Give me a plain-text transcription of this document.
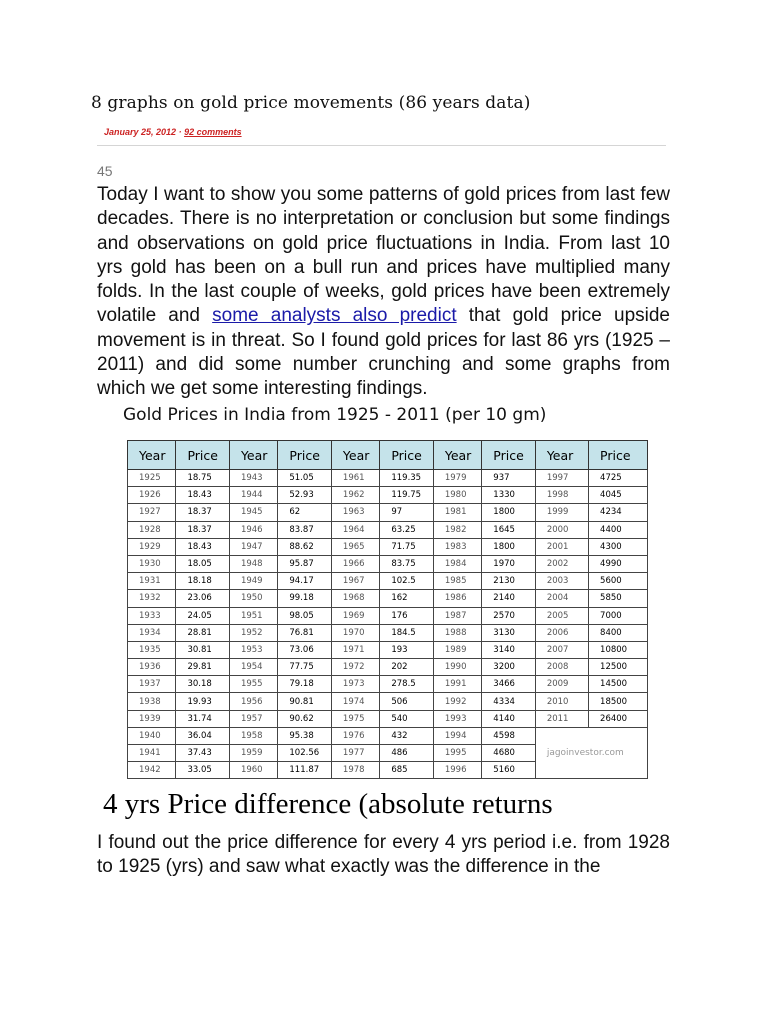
8 graphs on gold price movements (86 years data)
January 25, 2012 · 92 comments
45

Today I want to show you some patterns of gold prices from last few decades. There is no interpretation or conclusion but some findings and observations on gold price fluctuations in India. From last 10 yrs gold has been on a bull run and prices have multiplied many folds. In the last couple of weeks, gold prices have been extremely volatile and some analysts also predict that gold price upside movement is in threat. So I found gold prices for last 86 yrs (1925 – 2011) and did some number crunching and some graphs from which we get some interesting findings.

Gold Prices in India from 1925 - 2011 (per 10 gm)
Year	Price	Year	Price	Year	Price	Year	Price	Year	Price
1925	18.75	1943	51.05	1961	119.35	1979	937	1997	4725
1926	18.43	1944	52.93	1962	119.75	1980	1330	1998	4045
1927	18.37	1945	62	1963	97	1981	1800	1999	4234
1928	18.37	1946	83.87	1964	63.25	1982	1645	2000	4400
1929	18.43	1947	88.62	1965	71.75	1983	1800	2001	4300
1930	18.05	1948	95.87	1966	83.75	1984	1970	2002	4990
1931	18.18	1949	94.17	1967	102.5	1985	2130	2003	5600
1932	23.06	1950	99.18	1968	162	1986	2140	2004	5850
1933	24.05	1951	98.05	1969	176	1987	2570	2005	7000
1934	28.81	1952	76.81	1970	184.5	1988	3130	2006	8400
1935	30.81	1953	73.06	1971	193	1989	3140	2007	10800
1936	29.81	1954	77.75	1972	202	1990	3200	2008	12500
1937	30.18	1955	79.18	1973	278.5	1991	3466	2009	14500
1938	19.93	1956	90.81	1974	506	1992	4334	2010	18500
1939	31.74	1957	90.62	1975	540	1993	4140	2011	26400
1940	36.04	1958	95.38	1976	432	1994	4598	jagoinvestor.com	
1941	37.43	1959	102.56	1977	486	1995	4680		
1942	33.05	1960	111.87	1978	685	1996	5160		
4 yrs Price difference (absolute returns

I found out the price difference for every 4 yrs period i.e. from 1928 to 1925 (yrs) and saw what exactly was the difference in the
